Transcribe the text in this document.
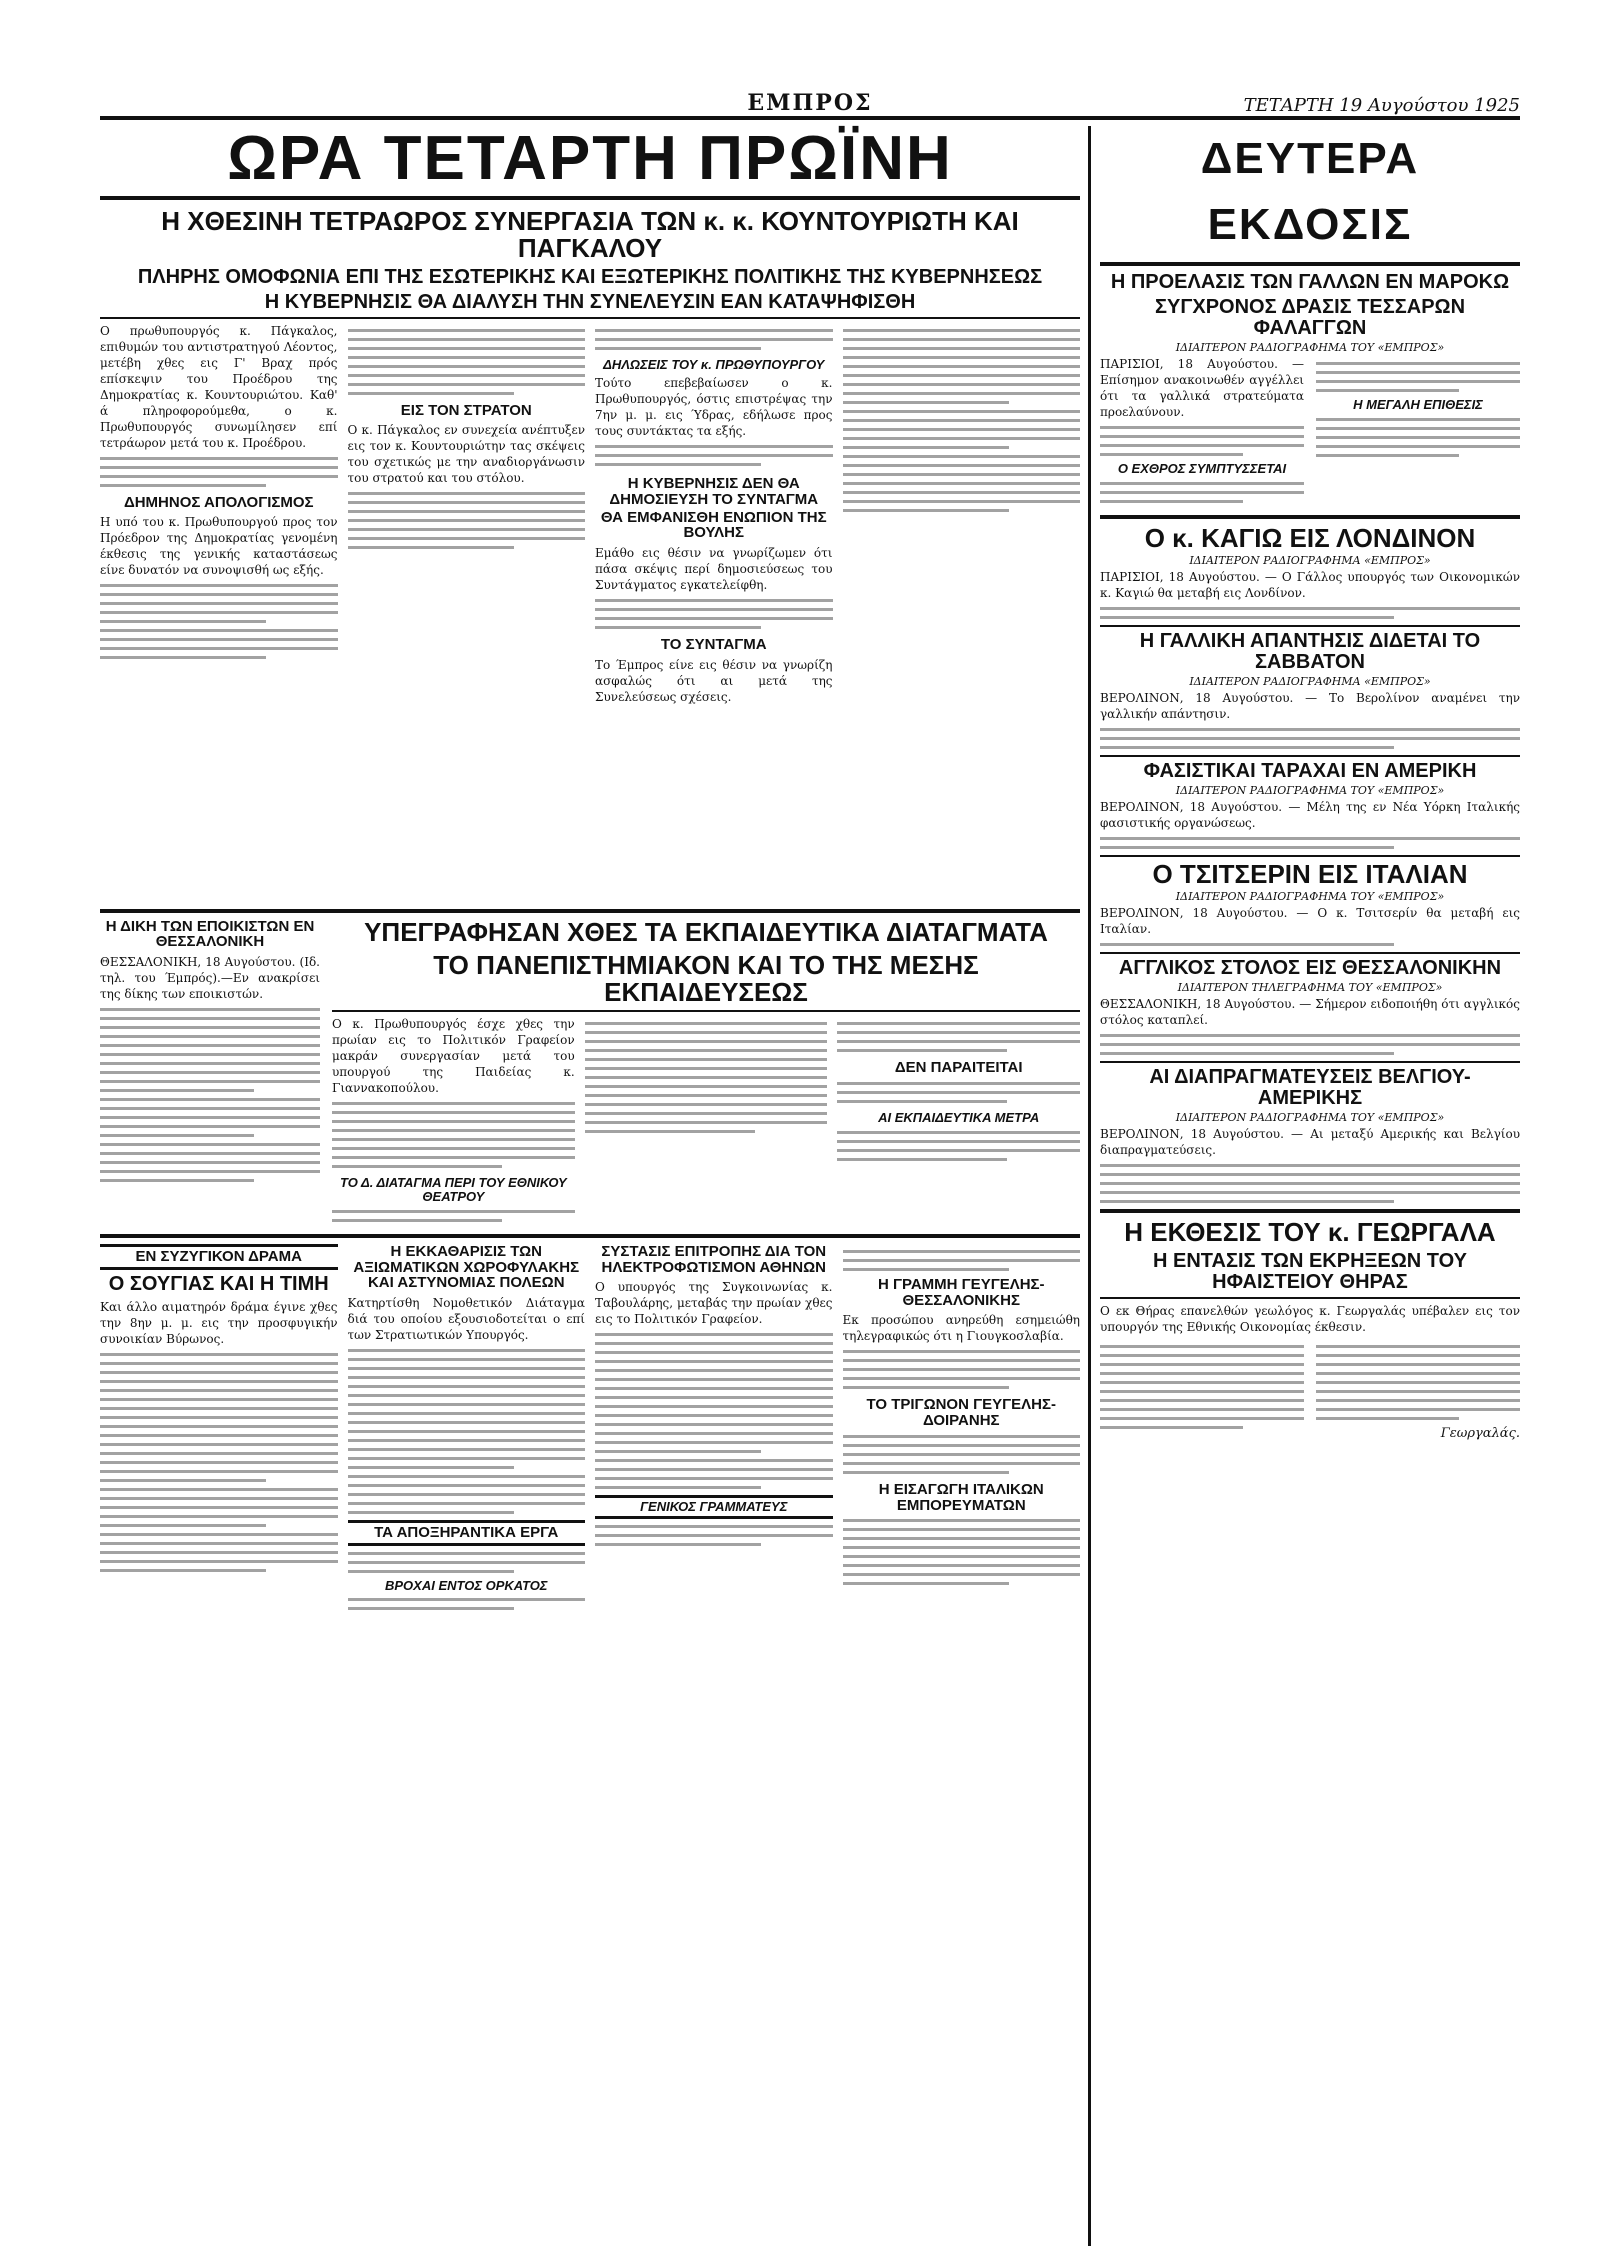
ΕΜΠΡΟΣ	ΤΕΤΑΡΤΗ 19 Αυγούστου 1925
ΩΡΑ ΤΕΤΑΡΤΗ ΠΡΩΪΝΗ
Η ΧΘΕΣΙΝΗ ΤΕΤΡΑΩΡΟΣ ΣΥΝΕΡΓΑΣΙΑ ΤΩΝ κ. κ. ΚΟΥΝΤΟΥΡΙΩΤΗ ΚΑΙ ΠΑΓΚΑΛΟΥ
ΠΛΗΡΗΣ ΟΜΟΦΩΝΙΑ ΕΠΙ ΤΗΣ ΕΣΩΤΕΡΙΚΗΣ ΚΑΙ ΕΞΩΤΕΡΙΚΗΣ ΠΟΛΙΤΙΚΗΣ ΤΗΣ ΚΥΒΕΡΝΗΣΕΩΣ
Η ΚΥΒΕΡΝΗΣΙΣ ΘΑ ΔΙΑΛΥΣΗ ΤΗΝ ΣΥΝΕΛΕΥΣΙΝ ΕΑΝ ΚΑΤΑΨΗΦΙΣΘΗ

Ο πρωθυπουργός κ. Πάγκαλος, επιθυμών του αντιστρατηγού Λέοντος, μετέβη χθες εις Γ' Βραχ πρός επίσκεψιν του Προέδρου της Δημοκρατίας κ. Κουντουριώτου. Καθ' ά πληροφορούμεθα, ο κ. Πρωθυπουργός συνωμίλησεν επί τετράωρον μετά του κ. Προέδρου.

ΔΗΜΗΝΟΣ ΑΠΟΛΟΓΙΣΜΟΣ

Η υπό του κ. Πρωθυπουργού προς τον Πρόεδρον της Δημοκρατίας γενομένη έκθεσις της γενικής καταστάσεως είνε δυνατόν να συνοψισθή ως εξής.

ΕΙΣ ΤΟΝ ΣΤΡΑΤΟΝ

Ο κ. Πάγκαλος εν συνεχεία ανέπτυξεν εις τον κ. Κουντουριώτην τας σκέψεις του σχετικώς με την αναδιοργάνωσιν του στρατού και του στόλου.

ΔΗΛΩΣΕΙΣ ΤΟΥ κ. ΠΡΩΘΥΠΟΥΡΓΟΥ

Τούτο επεβεβαίωσεν ο κ. Πρωθυπουργός, όστις επιστρέψας την 7ην μ. μ. εις Ύδρας, εδήλωσε προς τους συντάκτας τα εξής.

Η ΚΥΒΕΡΝΗΣΙΣ ΔΕΝ ΘΑ ΔΗΜΟΣΙΕΥΣΗ ΤΟ ΣΥΝΤΑΓΜΑ
ΘΑ ΕΜΦΑΝΙΣΘΗ ΕΝΩΠΙΟΝ ΤΗΣ ΒΟΥΛΗΣ

Εμάθο εις θέσιν να γνωρίζωμεν ότι πάσα σκέψις περί δημοσιεύσεως του Συντάγματος εγκατελείφθη.

ΤΟ ΣΥΝΤΑΓΜΑ

Το Έμπρος είνε εις θέσιν να γνωρίζη ασφαλώς ότι αι μετά της Συνελεύσεως σχέσεις.

Η ΔΙΚΗ ΤΩΝ ΕΠΟΙΚΙΣΤΩΝ ΕΝ ΘΕΣΣΑΛΟΝΙΚΗ

ΘΕΣΣΑΛΟΝΙΚΗ, 18 Αυγούστου. (Ιδ. τηλ. του Έμπρός).—Εν ανακρίσει της δίκης των εποικιστών.

ΥΠΕΓΡΑΦΗΣΑΝ ΧΘΕΣ ΤΑ ΕΚΠΑΙΔΕΥΤΙΚΑ ΔΙΑΤΑΓΜΑΤΑ
ΤΟ ΠΑΝΕΠΙΣΤΗΜΙΑΚΟΝ ΚΑΙ ΤΟ ΤΗΣ ΜΕΣΗΣ ΕΚΠΑΙΔΕΥΣΕΩΣ

Ο κ. Πρωθυπουργός έσχε χθες την πρωίαν εις το Πολιτικόν Γραφείον μακράν συνεργασίαν μετά του υπουργού της Παιδείας κ. Γιαννακοπούλου.

ΤΟ Δ. ΔΙΑΤΑΓΜΑ ΠΕΡΙ ΤΟΥ ΕΘΝΙΚΟΥ ΘΕΑΤΡΟΥ
ΔΕΝ ΠΑΡΑΙΤΕΙΤΑΙ
ΑΙ ΕΚΠΑΙΔΕΥΤΙΚΑ ΜΕΤΡΑ
ΕΝ ΣΥΖΥΓΙΚΟΝ ΔΡΑΜΑ
Ο ΣΟΥΓΙΑΣ ΚΑΙ Η ΤΙΜΗ

Και άλλο αιματηρόν δράμα έγινε χθες την 8ην μ. μ. εις την προσφυγικήν συνοικίαν Βύρωνος.

Η ΕΚΚΑΘΑΡΙΣΙΣ ΤΩΝ ΑΞΙΩΜΑΤΙΚΩΝ ΧΩΡΟΦΥΛΑΚΗΣ ΚΑΙ ΑΣΤΥΝΟΜΙΑΣ ΠΟΛΕΩΝ

Κατηρτίσθη Νομοθετικόν Διάταγμα διά του οποίου εξουσιοδοτείται ο επί των Στρατιωτικών Υπουργός.

ΤΑ ΑΠΟΞΗΡΑΝΤΙΚΑ ΕΡΓΑ
ΒΡΟΧΑΙ ΕΝΤΟΣ ΟΡΚΑΤΟΣ
ΣΥΣΤΑΣΙΣ ΕΠΙΤΡΟΠΗΣ ΔΙΑ ΤΟΝ ΗΛΕΚΤΡΟΦΩΤΙΣΜΟΝ ΑΘΗΝΩΝ

Ο υπουργός της Συγκοινωνίας κ. Ταβουλάρης, μεταβάς την πρωίαν χθες εις το Πολιτικόν Γραφείον.

ΓΕΝΙΚΟΣ ΓΡΑΜΜΑΤΕΥΣ
Η ΓΡΑΜΜΗ ΓΕΥΓΕΛΗΣ-ΘΕΣΣΑΛΟΝΙΚΗΣ

Εκ προσώπου ανηρεύθη εσημειώθη τηλεγραφικώς ότι η Γιουγκοσλαβία.

ΤΟ ΤΡΙΓΩΝΟΝ ΓΕΥΓΕΛΗΣ-ΔΟΙΡΑΝΗΣ
Η ΕΙΣΑΓΩΓΗ ΙΤΑΛΙΚΩΝ ΕΜΠΟΡΕΥΜΑΤΩΝ
ΔΕΥΤΕΡΑ ΕΚΔΟΣΙΣ
Η ΠΡΟΕΛΑΣΙΣ ΤΩΝ ΓΑΛΛΩΝ ΕΝ ΜΑΡΟΚΩ
ΣΥΓΧΡΟΝΟΣ ΔΡΑΣΙΣ ΤΕΣΣΑΡΩΝ ΦΑΛΑΓΓΩΝ
ΙΔΙΑΙΤΕΡΟΝ ΡΑΔΙΟΓΡΑΦΗΜΑ ΤΟΥ «ΕΜΠΡΟΣ»

ΠΑΡΙΣΙΟΙ, 18 Αυγούστου. — Επίσημον ανακοινωθέν αγγέλλει ότι τα γαλλικά στρατεύματα προελαύνουν.

Ο ΕΧΘΡΟΣ ΣΥΜΠΤΥΣΣΕΤΑΙ
Η ΜΕΓΑΛΗ ΕΠΙΘΕΣΙΣ
Ο κ. ΚΑΓΙΩ ΕΙΣ ΛΟΝΔΙΝΟΝ
ΙΔΙΑΙΤΕΡΟΝ ΡΑΔΙΟΓΡΑΦΗΜΑ «ΕΜΠΡΟΣ»

ΠΑΡΙΣΙΟΙ, 18 Αυγούστου. — Ο Γάλλος υπουργός των Οικονομικών κ. Καγιώ θα μεταβή εις Λονδίνον.

Η ΓΑΛΛΙΚΗ ΑΠΑΝΤΗΣΙΣ ΔΙΔΕΤΑΙ ΤΟ ΣΑΒΒΑΤΟΝ
ΙΔΙΑΙΤΕΡΟΝ ΡΑΔΙΟΓΡΑΦΗΜΑ «ΕΜΠΡΟΣ»

ΒΕΡΟΛΙΝΟΝ, 18 Αυγούστου. — Το Βερολίνον αναμένει την γαλλικήν απάντησιν.

ΦΑΣΙΣΤΙΚΑΙ ΤΑΡΑΧΑΙ ΕΝ ΑΜΕΡΙΚΗ
ΙΔΙΑΙΤΕΡΟΝ ΡΑΔΙΟΓΡΑΦΗΜΑ ΤΟΥ «ΕΜΠΡΟΣ»

ΒΕΡΟΛΙΝΟΝ, 18 Αυγούστου. — Μέλη της εν Νέα Υόρκη Ιταλικής φασιστικής οργανώσεως.

Ο ΤΣΙΤΣΕΡΙΝ ΕΙΣ ΙΤΑΛΙΑΝ
ΙΔΙΑΙΤΕΡΟΝ ΡΑΔΙΟΓΡΑΦΗΜΑ ΤΟΥ «ΕΜΠΡΟΣ»

ΒΕΡΟΛΙΝΟΝ, 18 Αυγούστου. — Ο κ. Τσιτσερίν θα μεταβή εις Ιταλίαν.

ΑΓΓΛΙΚΟΣ ΣΤΟΛΟΣ ΕΙΣ ΘΕΣΣΑΛΟΝΙΚΗΝ
ΙΔΙΑΙΤΕΡΟΝ ΤΗΛΕΓΡΑΦΗΜΑ ΤΟΥ «ΕΜΠΡΟΣ»

ΘΕΣΣΑΛΟΝΙΚΗ, 18 Αυγούστου. — Σήμερον ειδοποιήθη ότι αγγλικός στόλος καταπλεί.

ΑΙ ΔΙΑΠΡΑΓΜΑΤΕΥΣΕΙΣ ΒΕΛΓΙΟΥ-ΑΜΕΡΙΚΗΣ
ΙΔΙΑΙΤΕΡΟΝ ΡΑΔΙΟΓΡΑΦΗΜΑ ΤΟΥ «ΕΜΠΡΟΣ»

ΒΕΡΟΛΙΝΟΝ, 18 Αυγούστου. — Αι μεταξύ Αμερικής και Βελγίου διαπραγματεύσεις.

Η ΕΚΘΕΣΙΣ ΤΟΥ κ. ΓΕΩΡΓΑΛΑ
Η ΕΝΤΑΣΙΣ ΤΩΝ ΕΚΡΗΞΕΩΝ ΤΟΥ ΗΦΑΙΣΤΕΙΟΥ ΘΗΡΑΣ

Ο εκ Θήρας επανελθών γεωλόγος κ. Γεωργαλάς υπέβαλεν εις τον υπουργόν της Εθνικής Οικονομίας έκθεσιν.

Γεωργαλάς.
